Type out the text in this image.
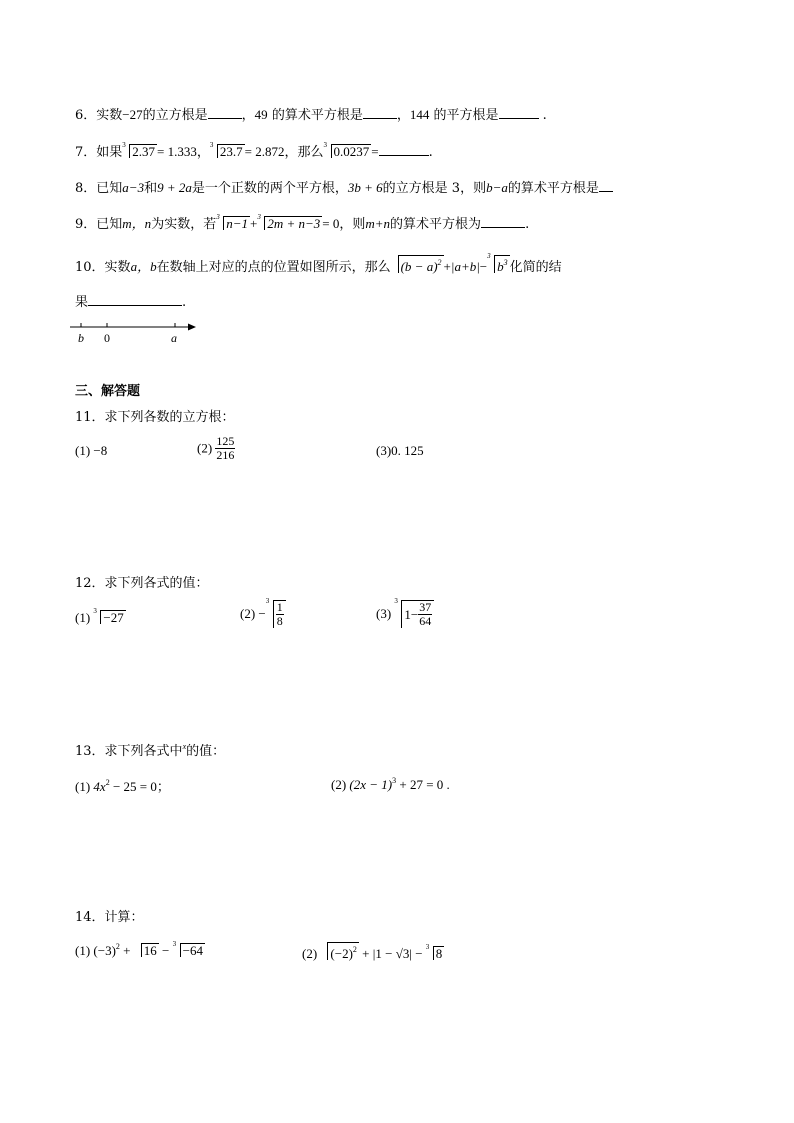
6．实数−27的立方根是	，49 的算术平方根是	，144 的平方根是	.
7．如果 3 2.37 = 1.333， 3 23.7 = 2.872，那么 3 0.0237 =	.
8．已知a−3和9 + 2a是一个正数的两个平方根，3b + 6的立方根是 3，则b−a的算术平方根是
9．已知m，n为实数，若 3 n−1 + 3 2m + n−3 = 0，则m+n的算术平方根为	.
10．实数a，b在数轴上对应的点的位置如图所示，那么 $(b - a)^2 +|a+b|-$
3
$b^3$ 化简的结
果	.
b 0	a
三、解答题
11．求下列各数的立方根：
(1) −8	$(2) \frac{125}{216}$	(3)0. 125
12．求下列各式的值：
(1) 3 −27	(2) −
$3 \frac{1}{8}$	(3)
3
$1- \frac{37}{64}$
13．求下列各式中$^x$的值：
(1) $4x^2 - 25 = 0$；	(2) $(2x - 1)^3 + 27 = 0$ .
14．计算：
(1) $(-3)^2 + 16 - 3 -64$	(2) $(-2)^2 + |1 - √3| - 3$ 8
